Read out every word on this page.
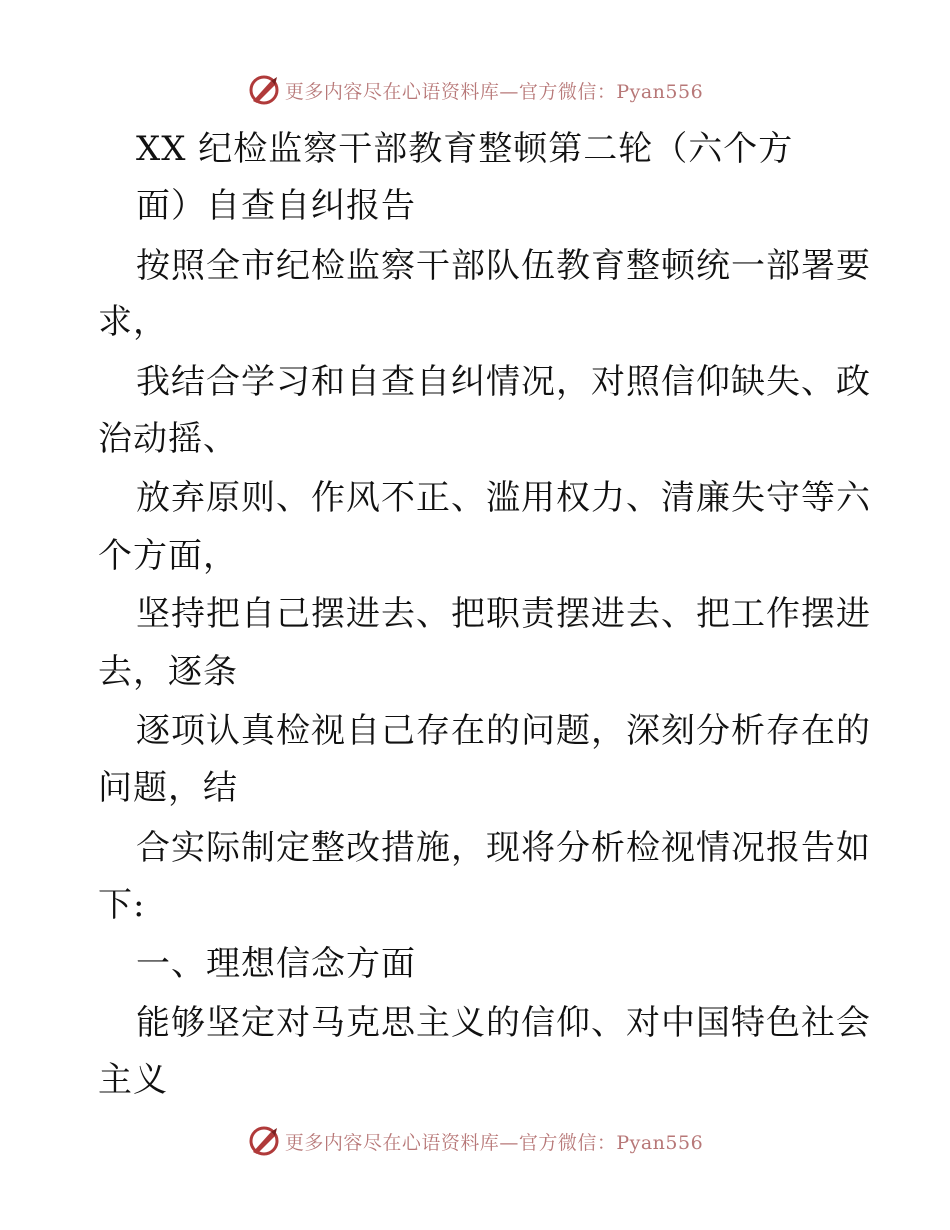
更多内容尽在心语资料库—官方微信：Pyan556
XX 纪检监察干部教育整顿第二轮（六个方
面）自查自纠报告
按照全市纪检监察干部队伍教育整顿统一部署要
求，
我结合学习和自查自纠情况，对照信仰缺失、政
治动摇、
放弃原则、作风不正、滥用权力、清廉失守等六
个方面，
坚持把自己摆进去、把职责摆进去、把工作摆进
去，逐条
逐项认真检视自己存在的问题，深刻分析存在的
问题，结
合实际制定整改措施，现将分析检视情况报告如
下:
一、理想信念方面
能够坚定对马克思主义的信仰、对中国特色社会
主义
更多内容尽在心语资料库—官方微信：Pyan556
